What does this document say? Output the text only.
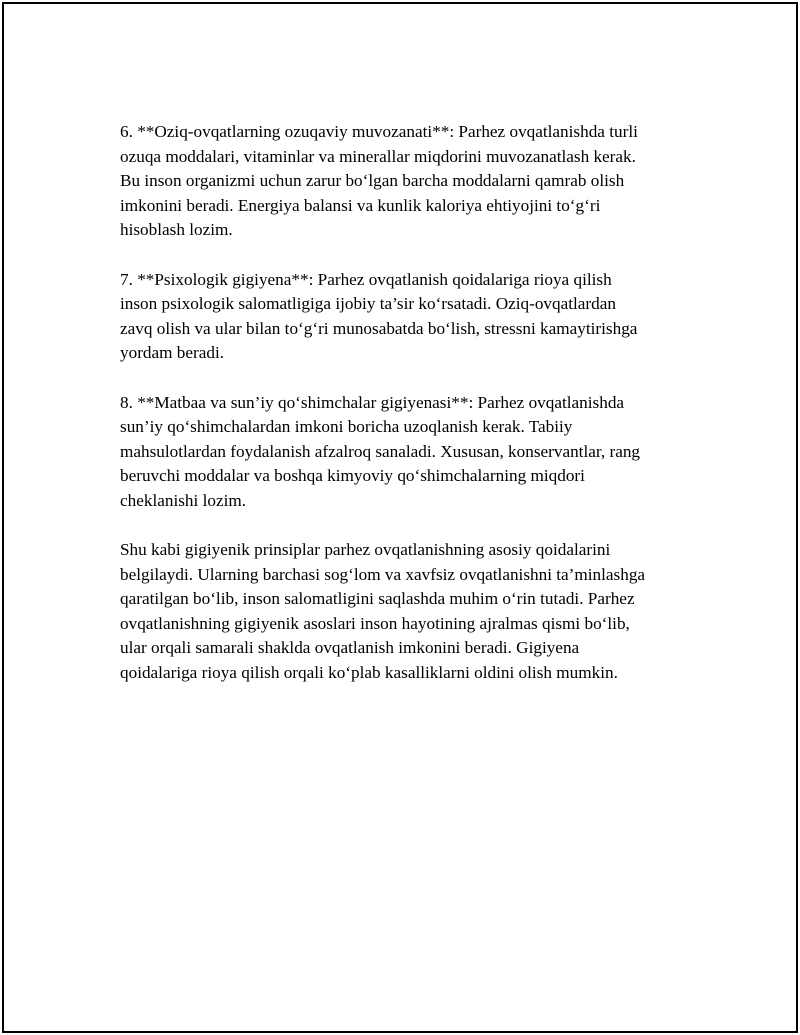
6. **Oziq-ovqatlarning ozuqaviy muvozanati**: Parhez ovqatlanishda turli
ozuqa moddalari, vitaminlar va minerallar miqdorini muvozanatlash kerak.
Bu inson organizmi uchun zarur bo‘lgan barcha moddalarni qamrab olish
imkonini beradi. Energiya balansi va kunlik kaloriya ehtiyojini to‘g‘ri
hisoblash lozim.

7. **Psixologik gigiyena**: Parhez ovqatlanish qoidalariga rioya qilish
inson psixologik salomatligiga ijobiy ta’sir ko‘rsatadi. Oziq-ovqatlardan
zavq olish va ular bilan to‘g‘ri munosabatda bo‘lish, stressni kamaytirishga
yordam beradi.

8. **Matbaa va sun’iy qo‘shimchalar gigiyenasi**: Parhez ovqatlanishda
sun’iy qo‘shimchalardan imkoni boricha uzoqlanish kerak. Tabiiy
mahsulotlardan foydalanish afzalroq sanaladi. Xususan, konservantlar, rang
beruvchi moddalar va boshqa kimyoviy qo‘shimchalarning miqdori
cheklanishi lozim.

Shu kabi gigiyenik prinsiplar parhez ovqatlanishning asosiy qoidalarini
belgilaydi. Ularning barchasi sog‘lom va xavfsiz ovqatlanishni ta’minlashga
qaratilgan bo‘lib, inson salomatligini saqlashda muhim o‘rin tutadi. Parhez
ovqatlanishning gigiyenik asoslari inson hayotining ajralmas qismi bo‘lib,
ular orqali samarali shaklda ovqatlanish imkonini beradi. Gigiyena
qoidalariga rioya qilish orqali ko‘plab kasalliklarni oldini olish mumkin.
